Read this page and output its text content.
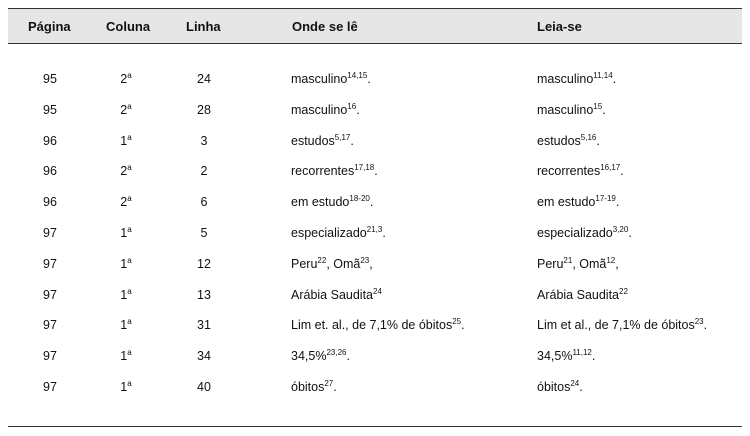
Página	Coluna	Linha	Onde se lê	Leia-se
95	2$^a$	24	masculino$^{14,15}$.	masculino$^{11,14}$.
95	2$^a$	28	masculino$^{16}$.	masculino$^{15}$.
96	1$^a$	3	estudos$^{5,17}$.	estudos$^{5,16}$.
96	2$^a$	2	recorrentes$^{17,18}$.	recorrentes$^{16,17}$.
96	2$^a$	6	em estudo$^{18-20}$.	em estudo$^{17-19}$.
97	1$^a$	5	especializado$^{21,3}$.	especializado$^{3,20}$.
97	1$^a$	12	Peru$^{22}$, Omã$^{23}$,	Peru$^{21}$, Omã$^{12}$,
97	1$^a$	13	Arábia Saudita$^{24}$	Arábia Saudita$^{22}$
97	1$^a$	31	Lim et. al., de 7,1% de óbitos$^{25}$.	Lim et al., de 7,1% de óbitos$^{23}$.
97	1$^a$	34	34,5%$^{23,26}$.	34,5%$^{11,12}$.
97	1$^a$	40	óbitos$^{27}$.	óbitos$^{24}$.
